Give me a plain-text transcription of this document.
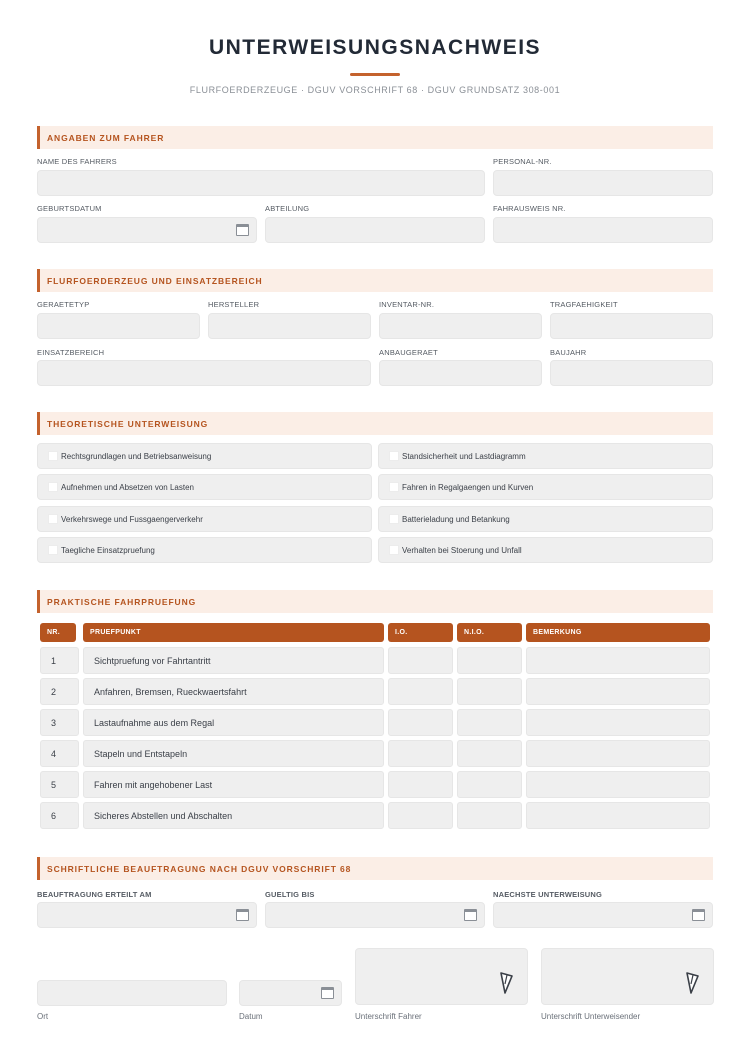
UNTERWEISUNGSNACHWEIS
FLURFOERDERZEUGE · DGUV VORSCHRIFT 68 · DGUV GRUNDSATZ 308-001
ANGABEN ZUM FAHRER
NAME DES FAHRERS	PERSONAL-NR.
GEBURTSDATUM	ABTEILUNG	FAHRAUSWEIS NR.
FLURFOERDERZEUG UND EINSATZBEREICH
GERAETETYP	HERSTELLER	INVENTAR-NR.	TRAGFAEHIGKEIT
EINSATZBEREICH	ANBAUGERAET	BAUJAHR
THEORETISCHE UNTERWEISUNG
Rechtsgrundlagen und Betriebsanweisung	Standsicherheit und Lastdiagramm
Aufnehmen und Absetzen von Lasten	Fahren in Regalgaengen und Kurven
Verkehrswege und Fussgaengerverkehr	Batterieladung und Betankung
Taegliche Einsatzpruefung	Verhalten bei Stoerung und Unfall
PRAKTISCHE FAHRPRUEFUNG
NR.	PRUEFPUNKT	I.O.	N.I.O.	BEMERKUNG
1	Sichtpruefung vor Fahrtantritt
2	Anfahren, Bremsen, Rueckwaertsfahrt
3	Lastaufnahme aus dem Regal
4	Stapeln und Entstapeln
5	Fahren mit angehobener Last
6	Sicheres Abstellen und Abschalten
SCHRIFTLICHE BEAUFTRAGUNG NACH DGUV VORSCHRIFT 68
BEAUFTRAGUNG ERTEILT AM	GUELTIG BIS	NAECHSTE UNTERWEISUNG
Ort	Datum	Unterschrift Fahrer	Unterschrift Unterweisender
